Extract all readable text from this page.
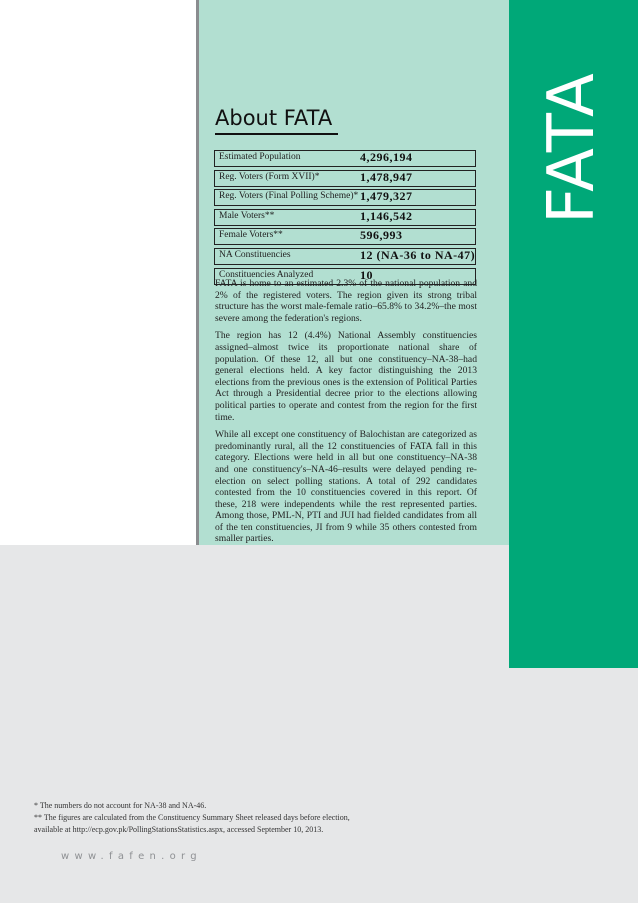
FATA
About FATA
Estimated Population	4,296,194
Reg. Voters (Form XVII)*	1,478,947
Reg. Voters (Final Polling Scheme)* 1,479,327
Male Voters**	1,146,542
Female Voters**	596,993
NA Constituencies	12 (NA-36 to NA-47)
Constituencies Analyzed	10

FATA is home to an estimated 2.3% of the national population and 2% of the registered voters. The region given its strong tribal structure has the worst male-female ratio–65.8% to 34.2%–the most severe among the federation's regions.

The region has 12 (4.4%) National Assembly constituencies assigned–almost twice its proportionate national share of population. Of these 12, all but one constituency–NA-38–had general elections held. A key factor distinguishing the 2013 elections from the previous ones is the extension of Political Parties Act through a Presidential decree prior to the elections allowing political parties to operate and contest from the region for the first time.

While all except one constituency of Balochistan are categorized as predominantly rural, all the 12 constituencies of FATA fall in this category. Elections were held in all but one constituency–NA-38 and one constituency's–NA-46–results were delayed pending re-election on select polling stations. A total of 292 candidates contested from the 10 constituencies covered in this report. Of these, 218 were independents while the rest represented parties. Among those, PML-N, PTI and JUI had fielded candidates from all of the ten constituencies, JI from 9 while 35 others contested from smaller parties.

* The numbers do not account for NA-38 and NA-46.
** The figures are calculated from the Constituency Summary Sheet released days before election,
available at http://ecp.gov.pk/PollingStationsStatistics.aspx, accessed September 10, 2013.
www.fafen.org
